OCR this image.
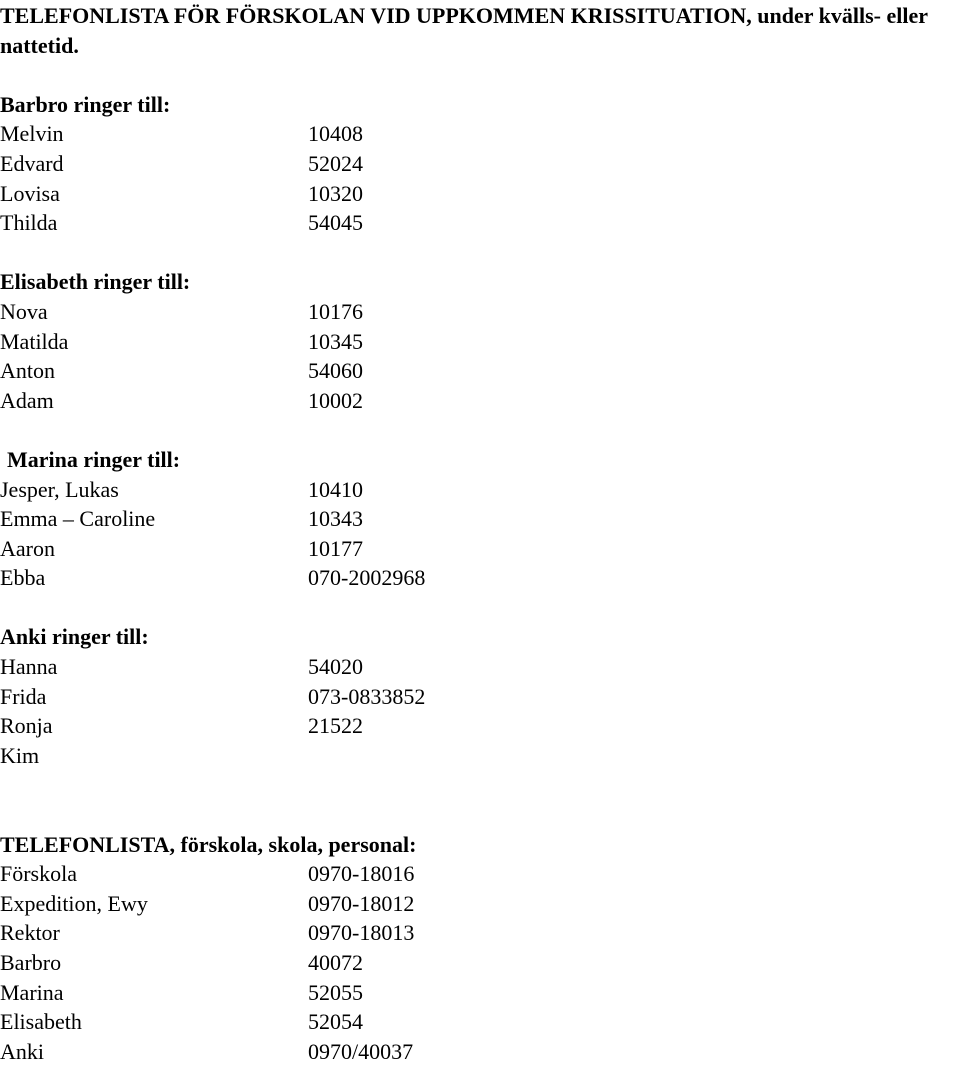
TELEFONLISTA FÖR FÖRSKOLAN VID UPPKOMMEN KRISSITUATION, under kvälls- eller nattetid.

Barbro ringer till:

Melvin	10408
Edvard	52024
Lovisa	10320
Thilda	54045

Elisabeth ringer till:

Nova	10176
Matilda	10345
Anton	54060
Adam	10002

Marina ringer till:

Jesper, Lukas	10410
Emma – Caroline	10343
Aaron	10177
Ebba	070-2002968

Anki ringer till:

Hanna	54020
Frida	073-0833852
Ronja	21522
Kim

TELEFONLISTA, förskola, skola, personal:

Förskola	0970-18016
Expedition, Ewy	0970-18012
Rektor	0970-18013
Barbro	40072
Marina	52055
Elisabeth	52054
Anki	0970/40037
